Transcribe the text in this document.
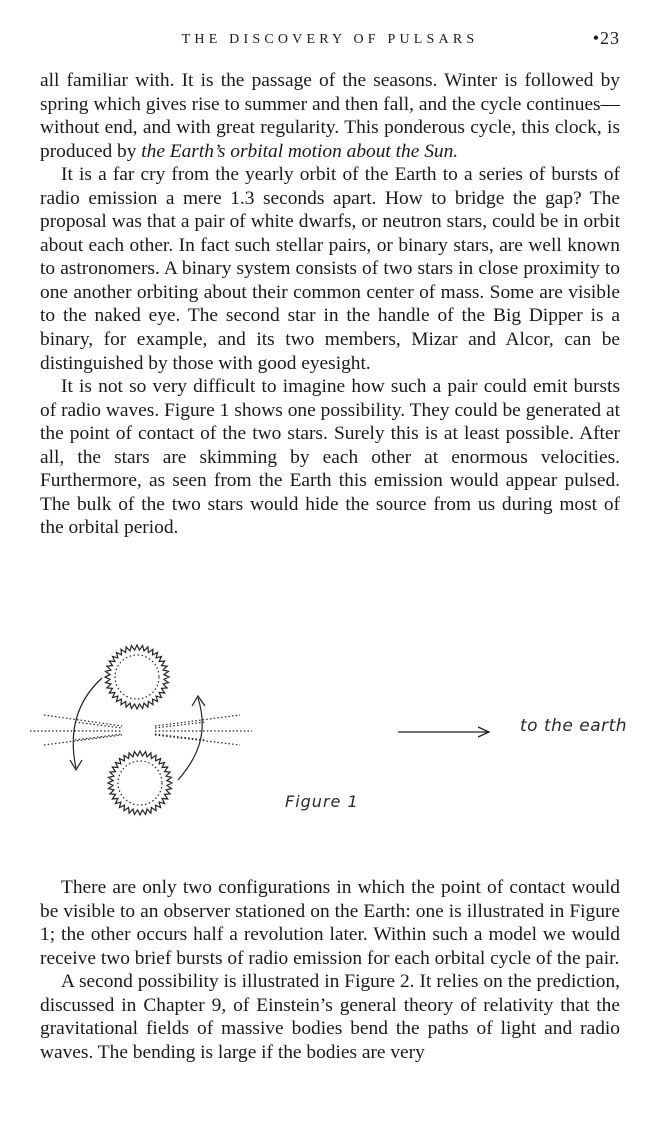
THE DISCOVERY OF PULSARS	•23

all familiar with. It is the passage of the seasons. Winter is followed by spring which gives rise to summer and then fall, and the cycle continues—without end, and with great regularity. This ponderous cycle, this clock, is produced by the Earth’s orbital motion about the Sun.

It is a far cry from the yearly orbit of the Earth to a series of bursts of radio emission a mere 1.3 seconds apart. How to bridge the gap? The proposal was that a pair of white dwarfs, or neutron stars, could be in orbit about each other. In fact such stellar pairs, or binary stars, are well known to astronomers. A binary system consists of two stars in close proximity to one another orbiting about their common center of mass. Some are visible to the naked eye. The second star in the handle of the Big Dipper is a binary, for example, and its two members, Mizar and Alcor, can be distinguished by those with good eyesight.

It is not so very difficult to imagine how such a pair could emit bursts of radio waves. Figure 1 shows one possibility. They could be generated at the point of contact of the two stars. Surely this is at least possible. After all, the stars are skimming by each other at enormous velocities. Furthermore, as seen from the Earth this emission would appear pulsed. The bulk of the two stars would hide the source from us during most of the orbital period.

to the earth
Figure 1

There are only two configurations in which the point of contact would be visible to an observer stationed on the Earth: one is illustrated in Figure 1; the other occurs half a revolution later. Within such a model we would receive two brief bursts of radio emission for each orbital cycle of the pair.

A second possibility is illustrated in Figure 2. It relies on the prediction, discussed in Chapter 9, of Einstein’s general theory of relativity that the gravitational fields of massive bodies bend the paths of light and radio waves. The bending is large if the bodies are very
